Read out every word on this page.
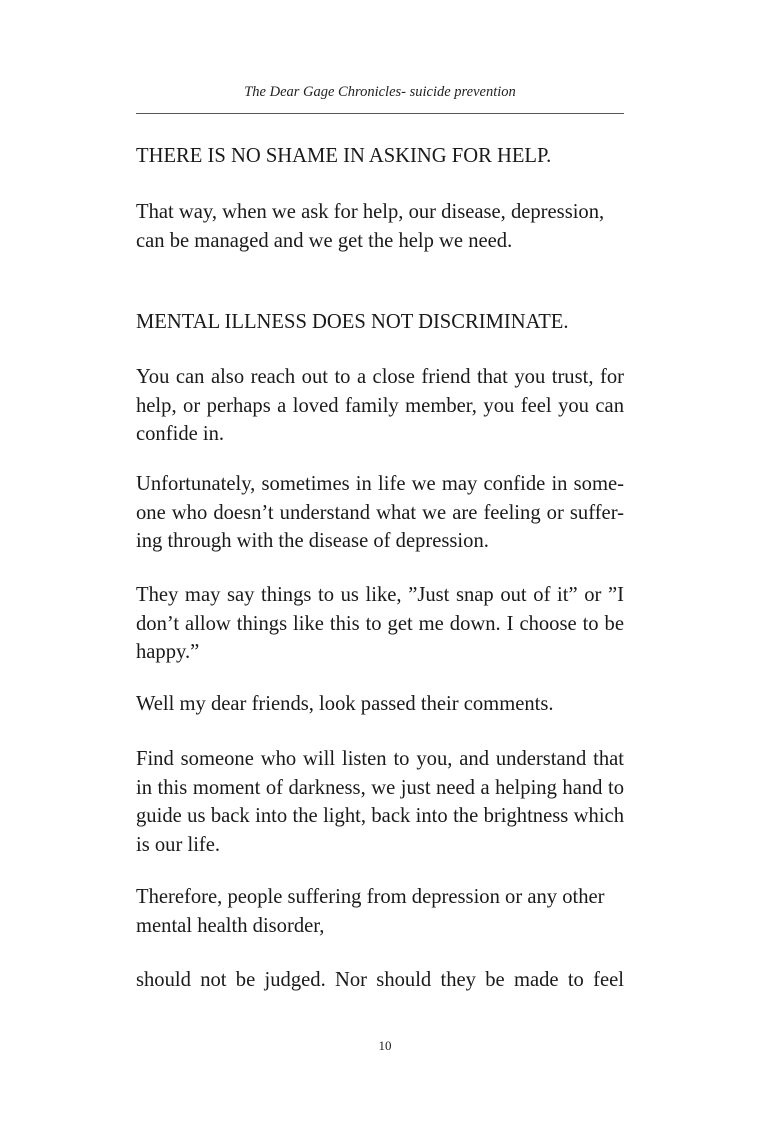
The Dear Gage Chronicles- suicide prevention

THERE IS NO SHAME IN ASKING FOR HELP.

That way, when we ask for help, our disease, depression, can be managed and we get the help we need.

MENTAL ILLNESS DOES NOT DISCRIMINATE.

You can also reach out to a close friend that you trust, for help, or perhaps a loved family member, you feel you can confide in.

Unfortunately, sometimes in life we may confide in some-one who doesn’t understand what we are feeling or suffer-ing through with the disease of depression.

They may say things to us like, ”Just snap out of it” or ”I don’t allow things like this to get me down. I choose to be happy.”

Well my dear friends, look passed their comments.

Find someone who will listen to you, and understand that in this moment of darkness, we just need a helping hand to guide us back into the light, back into the brightness which is our life.

Therefore, people suffering from depression or any other mental health disorder,

should not be judged. Nor should they be made to feel

10
